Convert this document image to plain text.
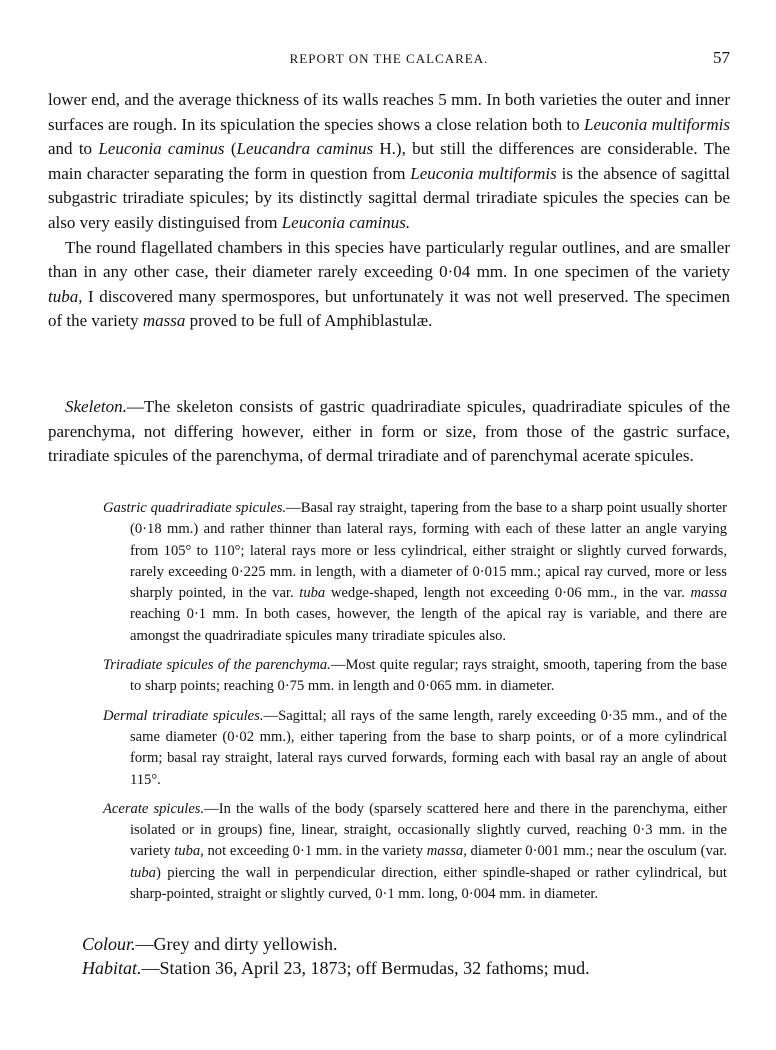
REPORT ON THE CALCAREA.	57

lower end, and the average thickness of its walls reaches 5 mm. In both varieties the outer and inner surfaces are rough. In its spiculation the species shows a close relation both to Leuconia multiformis and to Leuconia caminus (Leucandra caminus H.), but still the differences are considerable. The main character separating the form in question from Leuconia multiformis is the absence of sagittal subgastric triradiate spicules; by its distinctly sagittal dermal triradiate spicules the species can be also very easily distinguised from Leuconia caminus.

The round flagellated chambers in this species have particularly regular outlines, and are smaller than in any other case, their diameter rarely exceeding 0·04 mm. In one specimen of the variety tuba, I discovered many spermospores, but unfortunately it was not well preserved. The specimen of the variety massa proved to be full of Amphiblastulæ.

Skeleton.—The skeleton consists of gastric quadriradiate spicules, quadriradiate spicules of the parenchyma, not differing however, either in form or size, from those of the gastric surface, triradiate spicules of the parenchyma, of dermal triradiate and of parenchymal acerate spicules.

Gastric quadriradiate spicules.—Basal ray straight, tapering from the base to a sharp point usually shorter (0·18 mm.) and rather thinner than lateral rays, forming with each of these latter an angle varying from 105° to 110°; lateral rays more or less cylindrical, either straight or slightly curved forwards, rarely exceeding 0·225 mm. in length, with a diameter of 0·015 mm.; apical ray curved, more or less sharply pointed, in the var. tuba wedge-shaped, length not exceeding 0·06 mm., in the var. massa reaching 0·1 mm. In both cases, however, the length of the apical ray is variable, and there are amongst the quadriradiate spicules many triradiate spicules also.

Triradiate spicules of the parenchyma.—Most quite regular; rays straight, smooth, tapering from the base to sharp points; reaching 0·75 mm. in length and 0·065 mm. in diameter.

Dermal triradiate spicules.—Sagittal; all rays of the same length, rarely exceeding 0·35 mm., and of the same diameter (0·02 mm.), either tapering from the base to sharp points, or of a more cylindrical form; basal ray straight, lateral rays curved forwards, forming each with basal ray an angle of about 115°.

Acerate spicules.—In the walls of the body (sparsely scattered here and there in the parenchyma, either isolated or in groups) fine, linear, straight, occasionally slightly curved, reaching 0·3 mm. in the variety tuba, not exceeding 0·1 mm. in the variety massa, diameter 0·001 mm.; near the osculum (var. tuba) piercing the wall in perpendicular direction, either spindle-shaped or rather cylindrical, but sharp-pointed, straight or slightly curved, 0·1 mm. long, 0·004 mm. in diameter.

Colour.—Grey and dirty yellowish.

Habitat.—Station 36, April 23, 1873; off Bermudas, 32 fathoms; mud.
